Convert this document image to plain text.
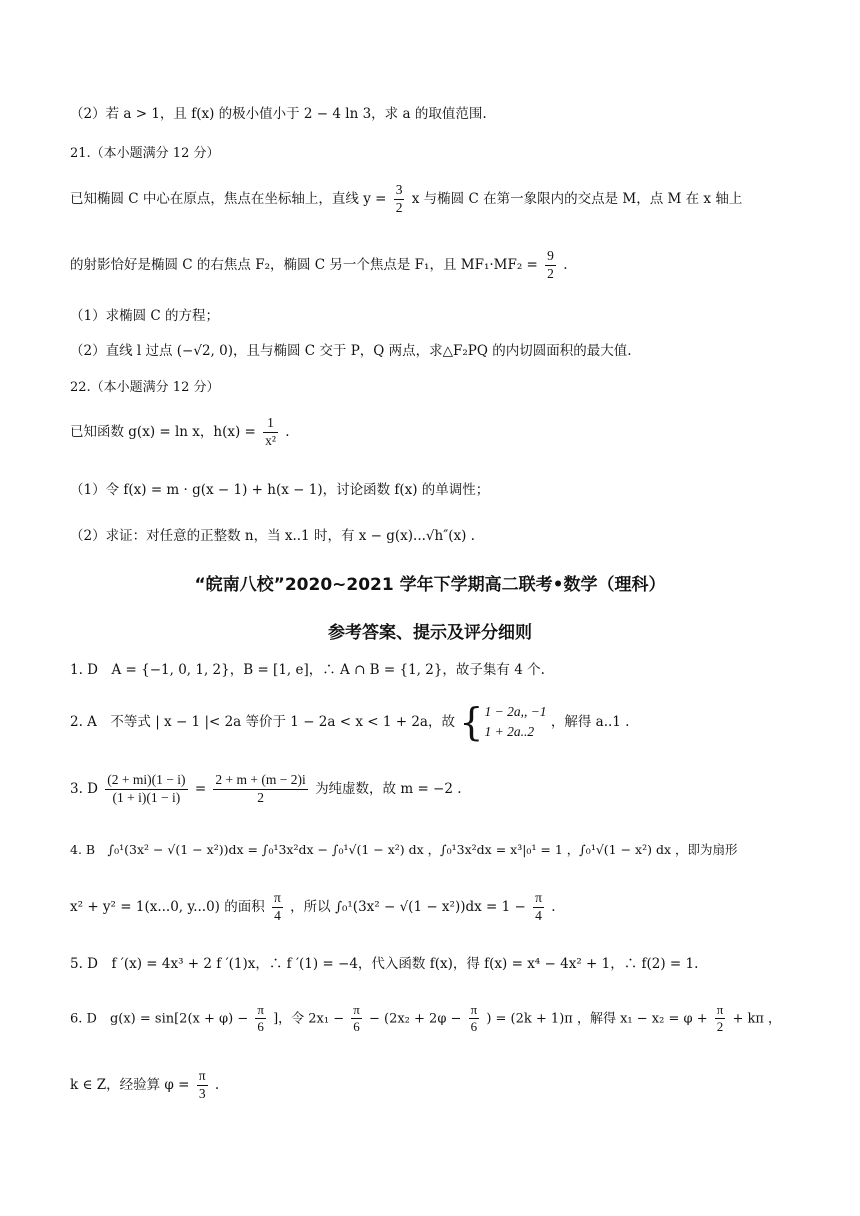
（2）若 a > 1，且 f(x) 的极小值小于 2 − 4 ln 3，求 a 的取值范围.
21.（本小题满分 12 分）
已知椭圆 C 中心在原点，焦点在坐标轴上，直线 $y = \frac{3}{2}$ x 与椭圆 C 在第一象限内的交点是 M，点 M 在 x 轴上
的射影恰好是椭圆 C 的右焦点 F₂，椭圆 C 另一个焦点是 F₁，且 $MF_1\cdot MF_2 = \frac{9}{2}$ .
（1）求椭圆 C 的方程；
（2）直线 l 过点 (−√2, 0)，且与椭圆 C 交于 P，Q 两点，求△F₂PQ 的内切圆面积的最大值.
22.（本小题满分 12 分）
已知函数 g(x) = ln x，$h(x) = \frac{1}{\text{x²}}$ .
（1）令 f(x) = m · g(x − 1) + h(x − 1)，讨论函数 f(x) 的单调性；
（2）求证：对任意的正整数 n，当 x..1 时，有 x − g(x)...√h″(x) .
“皖南八校”2020~2021 学年下学期高二联考•数学（理科）
参考答案、提示及评分细则
1. D　A = {−1, 0, 1, 2}，B = [1, e]，∴ A ∩ B = {1, 2}，故子集有 4 个.
2. A　不等式 | x − 1 |< 2a 等价于 1 − 2a < x < 1 + 2a，故 { 1 − 2a,, −1
1 + 2a..2
，解得 a..1 .
3. D $\frac{(2 + mi)(1 - i)}{(1 + i)(1 - i)} = \frac{2 + m + (m - 2)i}{2}$ 为纯虚数，故 m = −2 .
4. B　∫₀¹(3x² − √(1 − x²))dx = ∫₀¹3x²dx − ∫₀¹√(1 − x²) dx ，∫₀¹3x²dx = x³|₀¹ = 1 ，∫₀¹√(1 − x²) dx ，即为扇形
x² + y² = 1(x...0, y...0) 的面积 $\frac{\pi}{4}$ ，所以 $\int_0^1(3x^2 - √(1 - x^2))dx = 1 - \frac{\pi}{4}$ .
5. D　f ′(x) = 4x³ + 2 f ′(1)x，∴ f ′(1) = −4，代入函数 f(x)，得 f(x) = x⁴ − 4x² + 1，∴ f(2) = 1.
6. D　$g(x) = \sin[2(x + \varphi) - \frac{\pi}{6}$ ]，令 $2x_1 - \frac{\pi}{6} - (2x_2 + 2\varphi - \frac{\pi}{6}$ ) = (2k + 1)π ，解得 $x_1 - x_2 = \varphi + \frac{\pi}{2} + k\pi$ ，
k ∈ Z，经验算 $\varphi = \frac{\pi}{3}$ .
